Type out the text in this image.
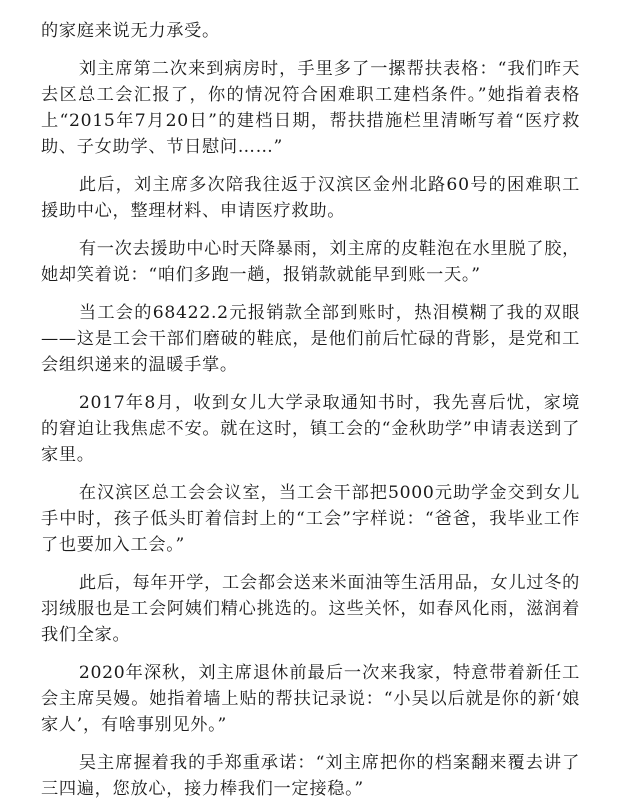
的家庭来说无力承受。

刘主席第二次来到病房时，手里多了一摞帮扶表格：“我们昨天去区总工会汇报了，你的情况符合困难职工建档条件。”她指着表格上“2015年7月20日”的建档日期，帮扶措施栏里清晰写着“医疗救助、子女助学、节日慰问……”

此后，刘主席多次陪我往返于汉滨区金州北路60号的困难职工援助中心，整理材料、申请医疗救助。

有一次去援助中心时天降暴雨，刘主席的皮鞋泡在水里脱了胶，她却笑着说：“咱们多跑一趟，报销款就能早到账一天。”

当工会的68422.2元报销款全部到账时，热泪模糊了我的双眼——这是工会干部们磨破的鞋底，是他们前后忙碌的背影，是党和工会组织递来的温暖手掌。

2017年8月，收到女儿大学录取通知书时，我先喜后忧，家境的窘迫让我焦虑不安。就在这时，镇工会的“金秋助学”申请表送到了家里。

在汉滨区总工会会议室，当工会干部把5000元助学金交到女儿手中时，孩子低头盯着信封上的“工会”字样说：“爸爸，我毕业工作了也要加入工会。”

此后，每年开学，工会都会送来米面油等生活用品，女儿过冬的羽绒服也是工会阿姨们精心挑选的。这些关怀，如春风化雨，滋润着我们全家。

2020年深秋，刘主席退休前最后一次来我家，特意带着新任工会主席吴嫚。她指着墙上贴的帮扶记录说：“小吴以后就是你的新‘娘家人’，有啥事别见外。”

吴主席握着我的手郑重承诺：“刘主席把你的档案翻来覆去讲了三四遍，您放心，接力棒我们一定接稳。”
